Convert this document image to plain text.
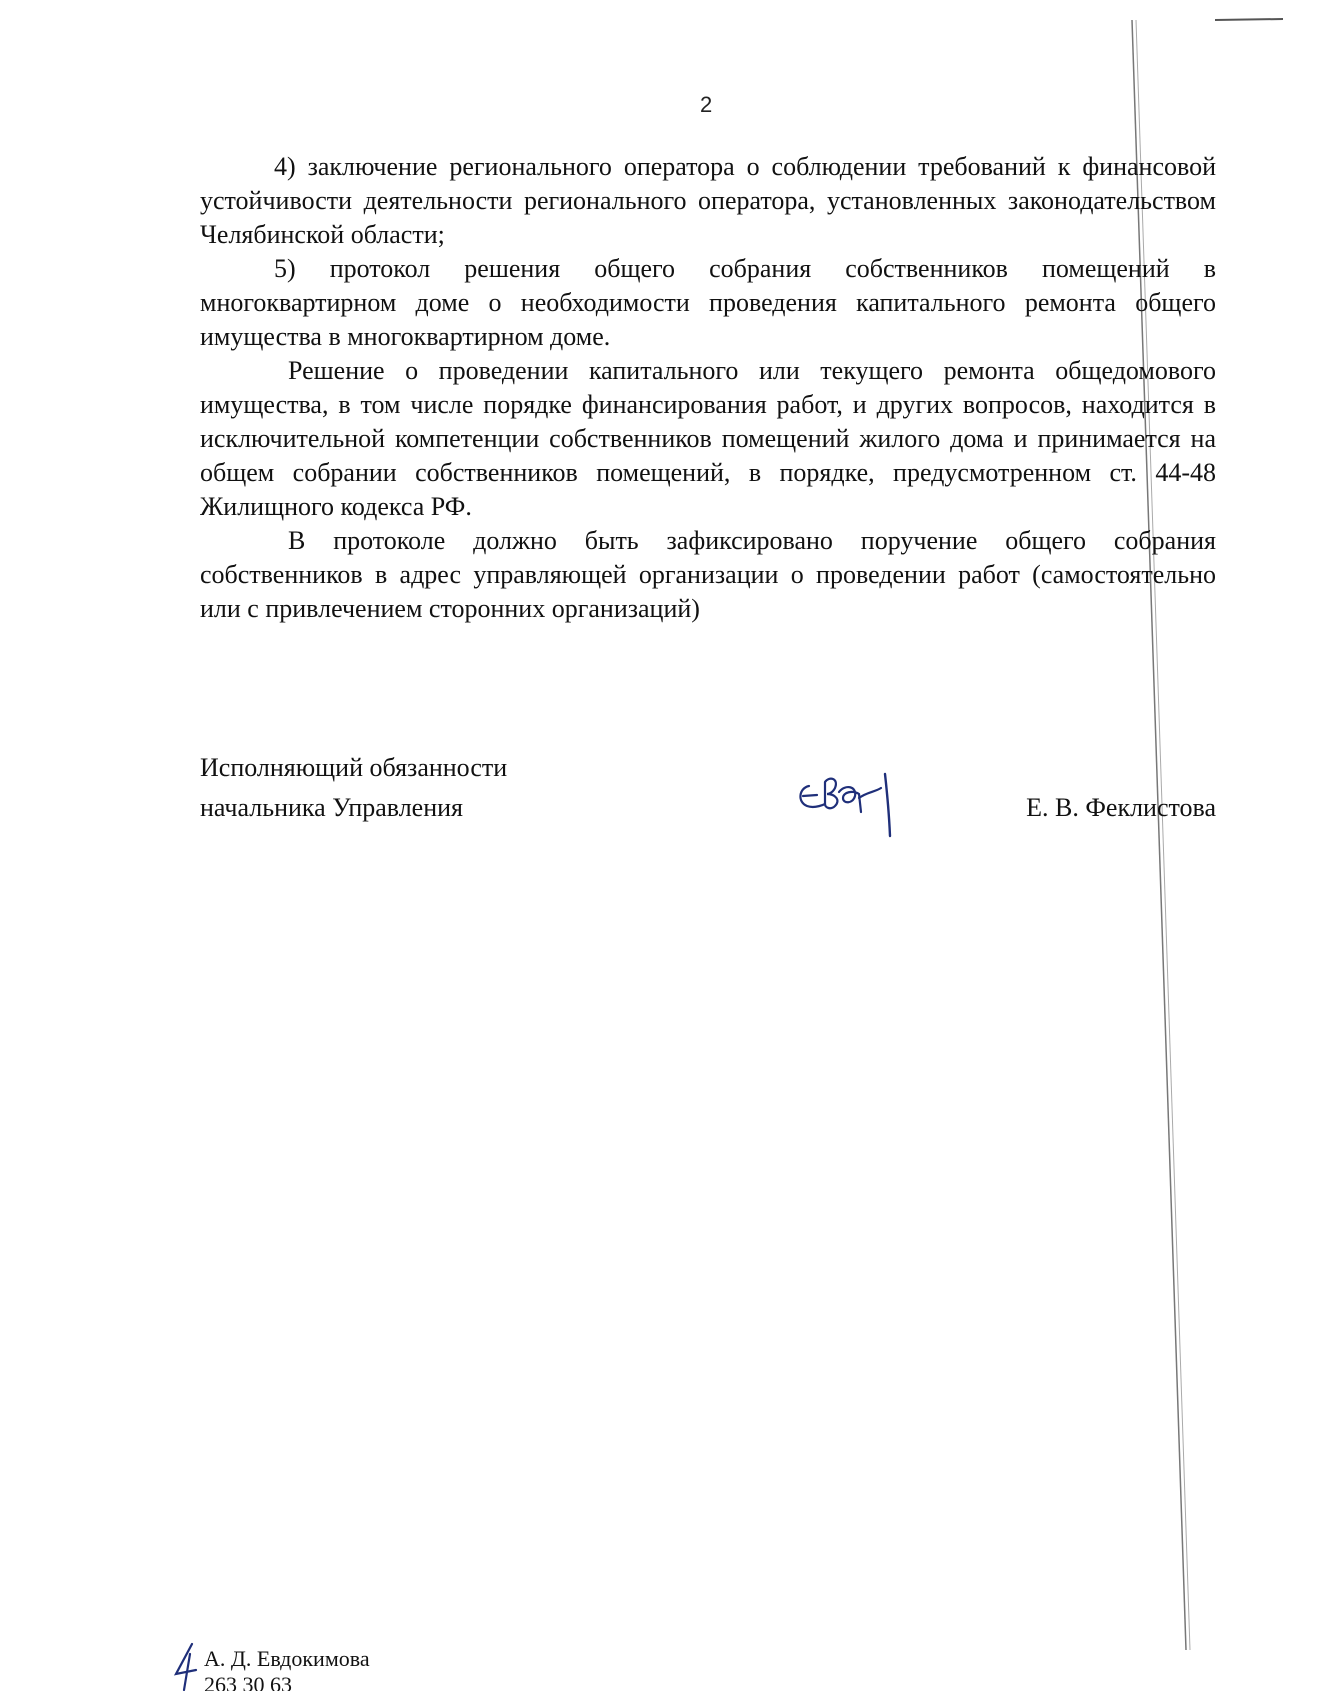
2

4) заключение регионального оператора о соблюдении требований к финансовой устойчивости деятельности регионального оператора, установленных законодательством Челябинской области;

5) протокол решения общего собрания собственников помещений в многоквартирном доме о необходимости проведения капитального ремонта общего имущества в многоквартирном доме.

Решение о проведении капитального или текущего ремонта общедомового имущества, в том числе порядке финансирования работ, и других вопросов, находится в исключительной компетенции собственников помещений жилого дома и принимается на общем собрании собственников помещений, в порядке, предусмотренном ст. 44-48 Жилищного кодекса РФ.

В протоколе должно быть зафиксировано поручение общего собрания собственников в адрес управляющей организации о проведении работ (самостоятельно или с привлечением сторонних организаций)

Исполняющий обязанности
начальника Управления	Е. В. Феклистова
А. Д. Евдокимова
263 30 63
